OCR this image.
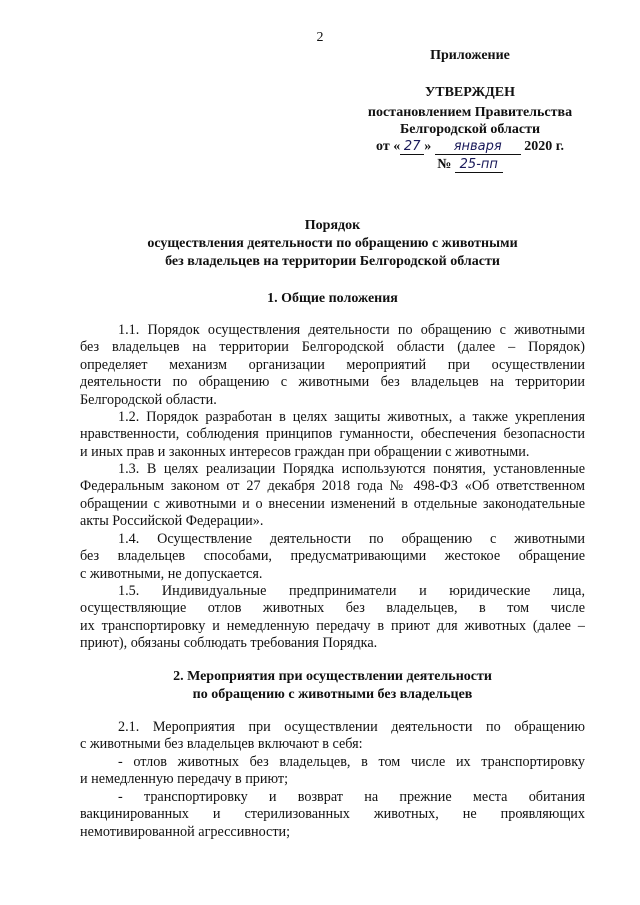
2
Приложение
УТВЕРЖДЕН
постановлением Правительства
Белгородской области
от « 27 » января 2020 г.
№ 25-пп
Порядок
осуществления деятельности по обращению с животными
без владельцев на территории Белгородской области
1. Общие положения
1.1. Порядок осуществления деятельности по обращению с животными
без владельцев на территории Белгородской области (далее – Порядок)
определяет механизм организации мероприятий при осуществлении
деятельности по обращению с животными без владельцев на территории
Белгородской области.
1.2. Порядок разработан в целях защиты животных, а также укрепления
нравственности, соблюдения принципов гуманности, обеспечения безопасности
и иных прав и законных интересов граждан при обращении с животными.
1.3. В целях реализации Порядка используются понятия, установленные
Федеральным законом от 27 декабря 2018 года № 498-ФЗ «Об ответственном
обращении с животными и о внесении изменений в отдельные законодательные
акты Российской Федерации».
1.4. Осуществление деятельности по обращению с животными
без владельцев способами, предусматривающими жестокое обращение
с животными, не допускается.
1.5. Индивидуальные предприниматели и юридические лица,
осуществляющие отлов животных без владельцев, в том числе
их транспортировку и немедленную передачу в приют для животных (далее –
приют), обязаны соблюдать требования Порядка.
2. Мероприятия при осуществлении деятельности
по обращению с животными без владельцев
2.1. Мероприятия при осуществлении деятельности по обращению
с животными без владельцев включают в себя:
- отлов животных без владельцев, в том числе их транспортировку
и немедленную передачу в приют;
- транспортировку и возврат на прежние места обитания
вакцинированных и стерилизованных животных, не проявляющих
немотивированной агрессивности;
